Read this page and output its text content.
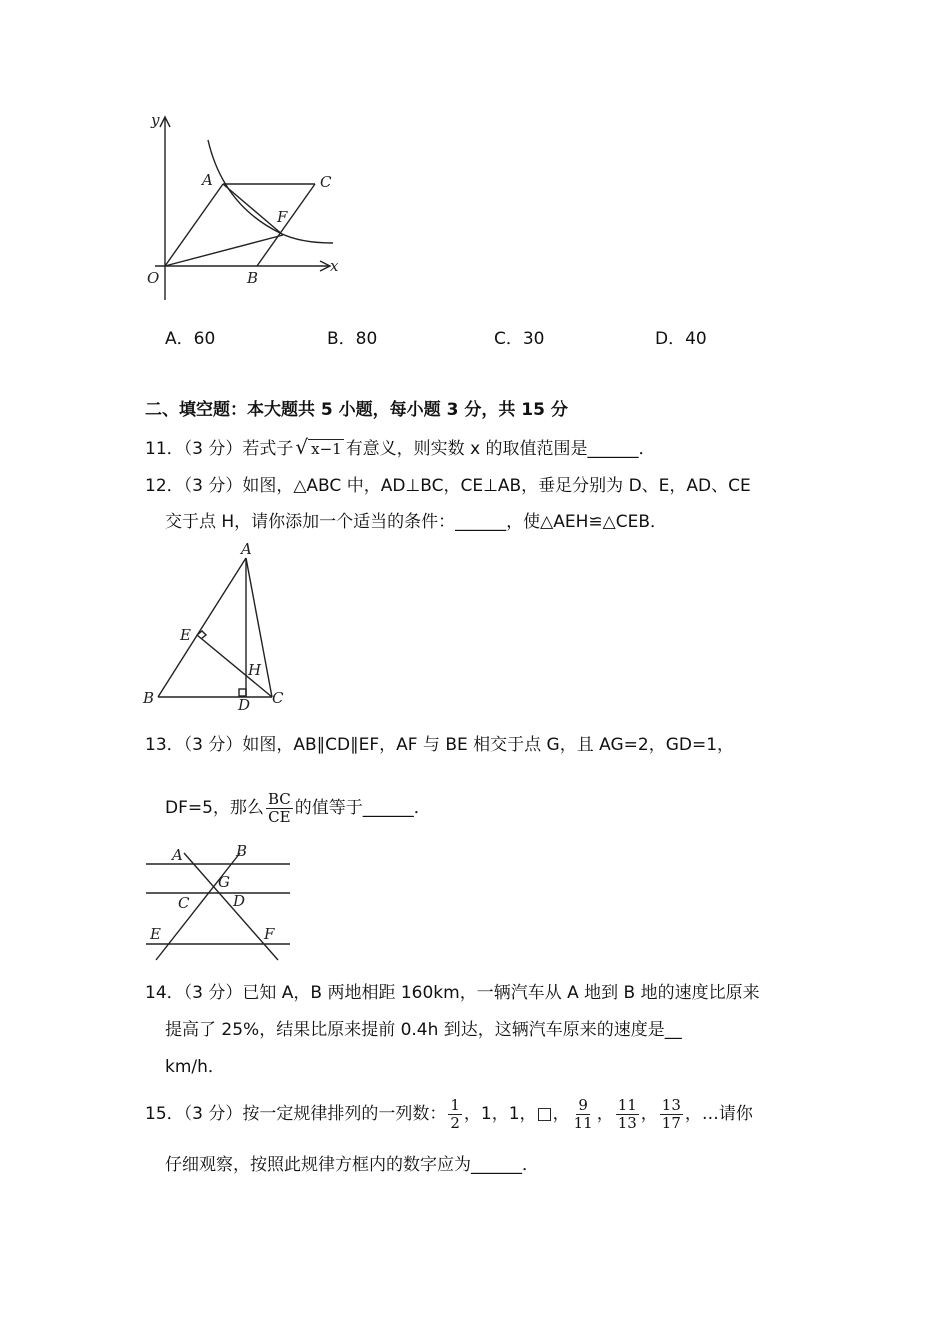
y
x
O
A	C
F
B
A．60	B．80	C．30	D．40
二、填空题：本大题共 5 小题，每小题 3 分，共 15 分
11．（3 分）若式子 √ x−1 有意义，则实数 x 的取值范围是______．
12．（3 分）如图，△ABC 中，AD⊥BC，CE⊥AB，垂足分别为 D、E，AD、CE
交于点 H，请你添加一个适当的条件：______，使△AEH≌△CEB．
A
E
H
B	D C
13．（3 分）如图，AB∥CD∥EF，AF 与 BE 相交于点 G，且 AG=2，GD=1，
DF=5，那么 $\frac{BC}{CE}$ 的值等于______．
A	B
G
C	D
E	F
14．（3 分）已知 A，B 两地相距 160km，一辆汽车从 A 地到 B 地的速度比原来
提高了 25%，结果比原来提前 0.4h 到达，这辆汽车原来的速度是__
km/h．
15．（3 分）按一定规律排列的一列数： $\frac{1}{2}$ ，1，1，□， $\frac{9}{11}$ ， $\frac{11}{13}$ ， $\frac{13}{17}$ ，…请你
仔细观察，按照此规律方框内的数字应为______．
